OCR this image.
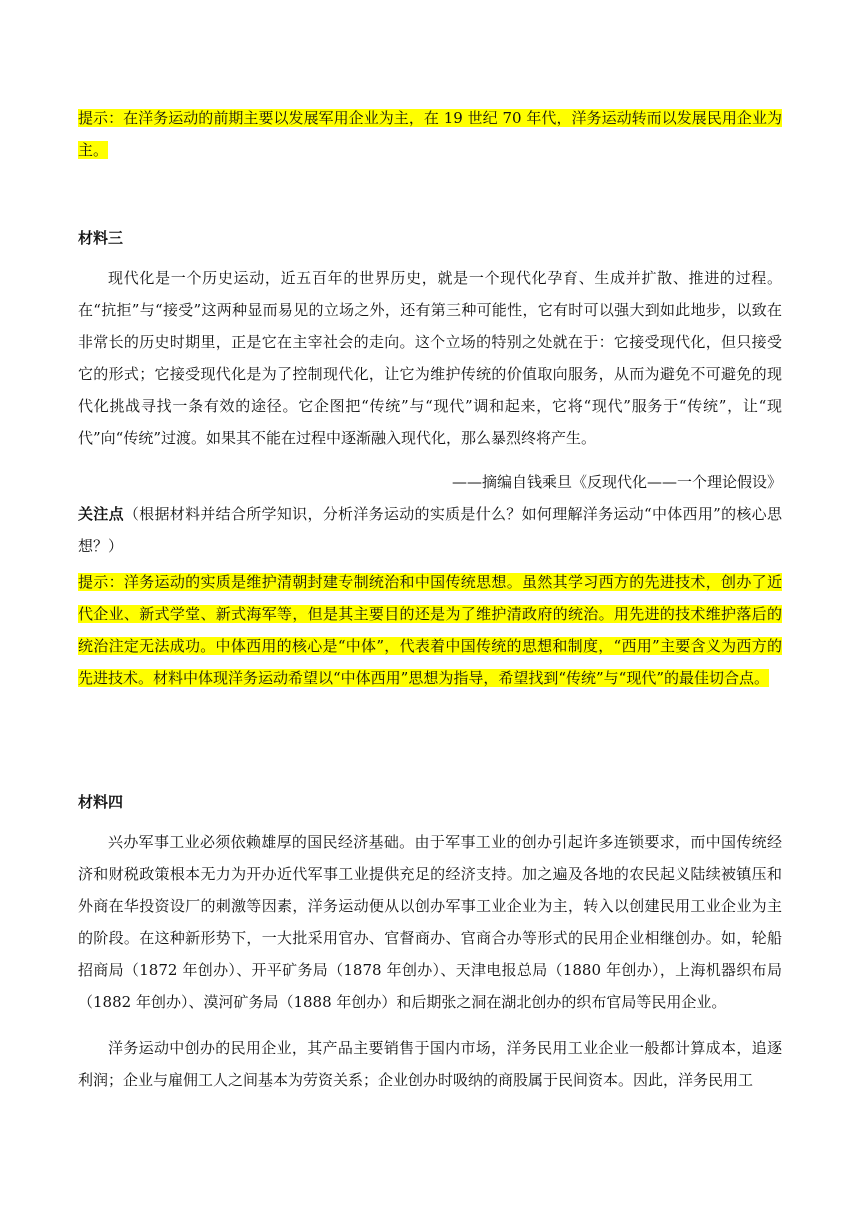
提示：在洋务运动的前期主要以发展军用企业为主，在 19 世纪 70 年代，洋务运动转而以发展民用企业为主。

材料三

现代化是一个历史运动，近五百年的世界历史，就是一个现代化孕育、生成并扩散、推进的过程。在“抗拒”与“接受”这两种显而易见的立场之外，还有第三种可能性，它有时可以强大到如此地步，以致在非常长的历史时期里，正是它在主宰社会的走向。这个立场的特别之处就在于：它接受现代化，但只接受它的形式；它接受现代化是为了控制现代化，让它为维护传统的价值取向服务，从而为避免不可避免的现代化挑战寻找一条有效的途径。它企图把“传统”与“现代”调和起来，它将“现代”服务于“传统”，让“现代”向“传统”过渡。如果其不能在过程中逐渐融入现代化，那么暴烈终将产生。

——摘编自钱乘旦《反现代化——一个理论假设》

关注点（根据材料并结合所学知识，分析洋务运动的实质是什么？如何理解洋务运动“中体西用”的核心思想？）

提示：洋务运动的实质是维护清朝封建专制统治和中国传统思想。虽然其学习西方的先进技术，创办了近代企业、新式学堂、新式海军等，但是其主要目的还是为了维护清政府的统治。用先进的技术维护落后的统治注定无法成功。中体西用的核心是“中体”，代表着中国传统的思想和制度，“西用”主要含义为西方的先进技术。材料中体现洋务运动希望以“中体西用”思想为指导，希望找到“传统”与“现代”的最佳切合点。

材料四

兴办军事工业必须依赖雄厚的国民经济基础。由于军事工业的创办引起许多连锁要求，而中国传统经济和财税政策根本无力为开办近代军事工业提供充足的经济支持。加之遍及各地的农民起义陆续被镇压和外商在华投资设厂的刺激等因素，洋务运动便从以创办军事工业企业为主，转入以创建民用工业企业为主的阶段。在这种新形势下，一大批采用官办、官督商办、官商合办等形式的民用企业相继创办。如，轮船招商局（1872 年创办）、开平矿务局（1878 年创办）、天津电报总局（1880 年创办），上海机器织布局（1882 年创办）、漠河矿务局（1888 年创办）和后期张之洞在湖北创办的织布官局等民用企业。

洋务运动中创办的民用企业，其产品主要销售于国内市场，洋务民用工业企业一般都计算成本，追逐利润；企业与雇佣工人之间基本为劳资关系；企业创办时吸纳的商股属于民间资本。因此，洋务民用工
